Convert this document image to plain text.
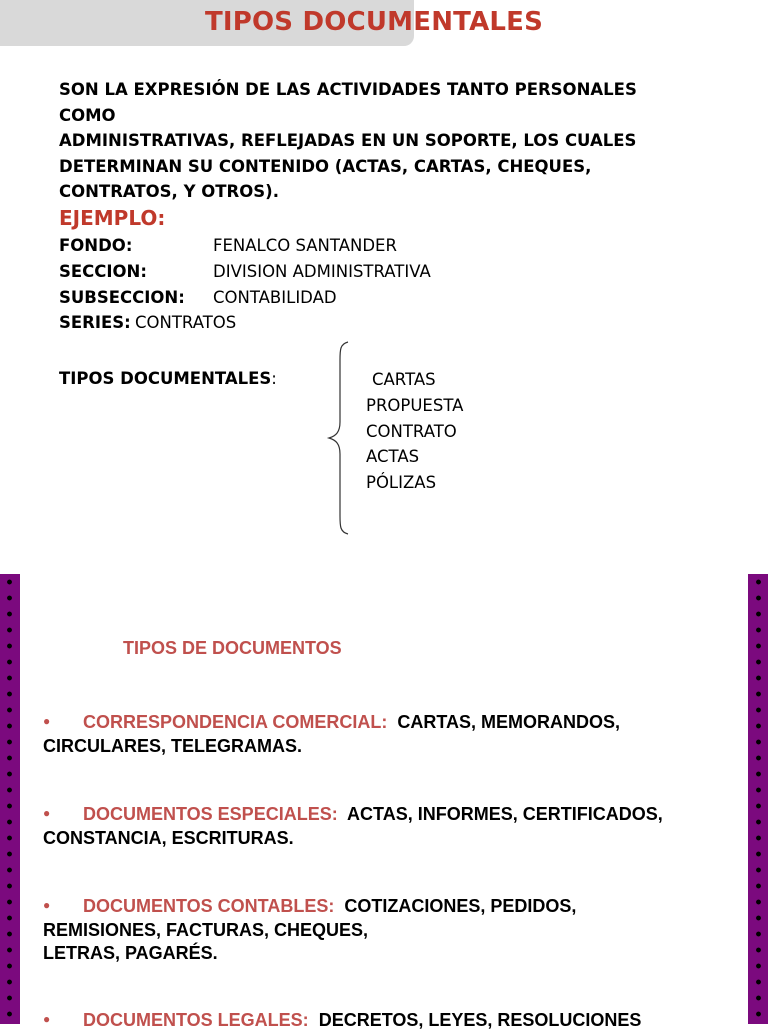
TIPOS DOCUMENTALES
SON LA EXPRESIÓN DE LAS ACTIVIDADES TANTO PERSONALES COMO
ADMINISTRATIVAS, REFLEJADAS EN UN SOPORTE, LOS CUALES
DETERMINAN SU CONTENIDO (ACTAS, CARTAS, CHEQUES,
CONTRATOS, Y OTROS).
EJEMPLO:
FONDO:	FENALCO SANTANDER
SECCION:	DIVISION ADMINISTRATIVA
SUBSECCION: CONTABILIDAD
SERIES: CONTRATOS
TIPOS DOCUMENTALES:	CARTAS
PROPUESTA
CONTRATO
ACTAS
PÓLIZAS
TIPOS DE DOCUMENTOS
● CORRESPONDENCIA COMERCIAL: CARTAS, MEMORANDOS,
CIRCULARES, TELEGRAMAS.
● DOCUMENTOS ESPECIALES: ACTAS, INFORMES, CERTIFICADOS,
CONSTANCIA, ESCRITURAS.
● DOCUMENTOS CONTABLES: COTIZACIONES, PEDIDOS,
REMISIONES, FACTURAS, CHEQUES,
LETRAS, PAGARÉS.
● DOCUMENTOS LEGALES: DECRETOS, LEYES, RESOLUCIONES
